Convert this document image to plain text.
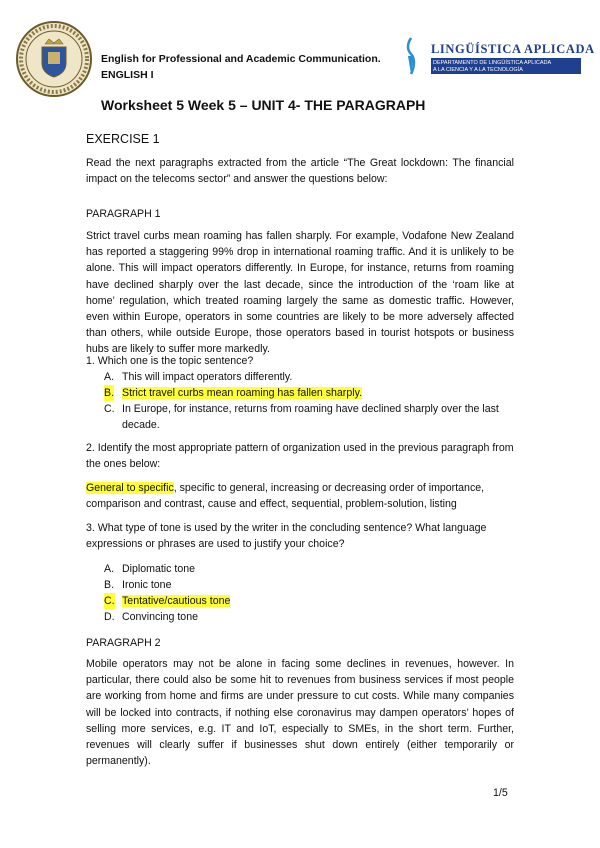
English for Professional and Academic Communication.
ENGLISH I
LINGÜÍSTICA APLICADA
DEPARTAMENTO DE LINGÜÍSTICA APLICADA
A LA CIENCIA Y A LA TECNOLOGÍA
Worksheet 5 Week 5 – UNIT 4- THE PARAGRAPH
EXERCISE 1
Read the next paragraphs extracted from the article “The Great lockdown: The financial impact on the telecoms sector” and answer the questions below:
PARAGRAPH 1
Strict travel curbs mean roaming has fallen sharply. For example, Vodafone New Zealand has reported a staggering 99% drop in international roaming traffic. And it is unlikely to be alone. This will impact operators differently. In Europe, for instance, returns from roaming have declined sharply over the last decade, since the introduction of the ‘roam like at home’ regulation, which treated roaming largely the same as domestic traffic. However, even within Europe, operators in some countries are likely to be more adversely affected than others, while outside Europe, those operators based in tourist hotspots or business hubs are likely to suffer more markedly.
1. Which one is the topic sentence?
A. This will impact operators differently.
B. Strict travel curbs mean roaming has fallen sharply.
C. In Europe, for instance, returns from roaming have declined sharply over the last decade.
2. Identify the most appropriate pattern of organization used in the previous paragraph from the ones below:
General to specific, specific to general, increasing or decreasing order of importance, comparison and contrast, cause and effect, sequential, problem-solution, listing
3. What type of tone is used by the writer in the concluding sentence? What language expressions or phrases are used to justify your choice?
A. Diplomatic tone
B. Ironic tone
C. Tentative/cautious tone
D. Convincing tone
PARAGRAPH 2
Mobile operators may not be alone in facing some declines in revenues, however. In particular, there could also be some hit to revenues from business services if most people are working from home and firms are under pressure to cut costs. While many companies will be locked into contracts, if nothing else coronavirus may dampen operators’ hopes of selling more services, e.g. IT and IoT, especially to SMEs, in the short term. Further, revenues will clearly suffer if businesses shut down entirely (either temporarily or permanently).
1/5
